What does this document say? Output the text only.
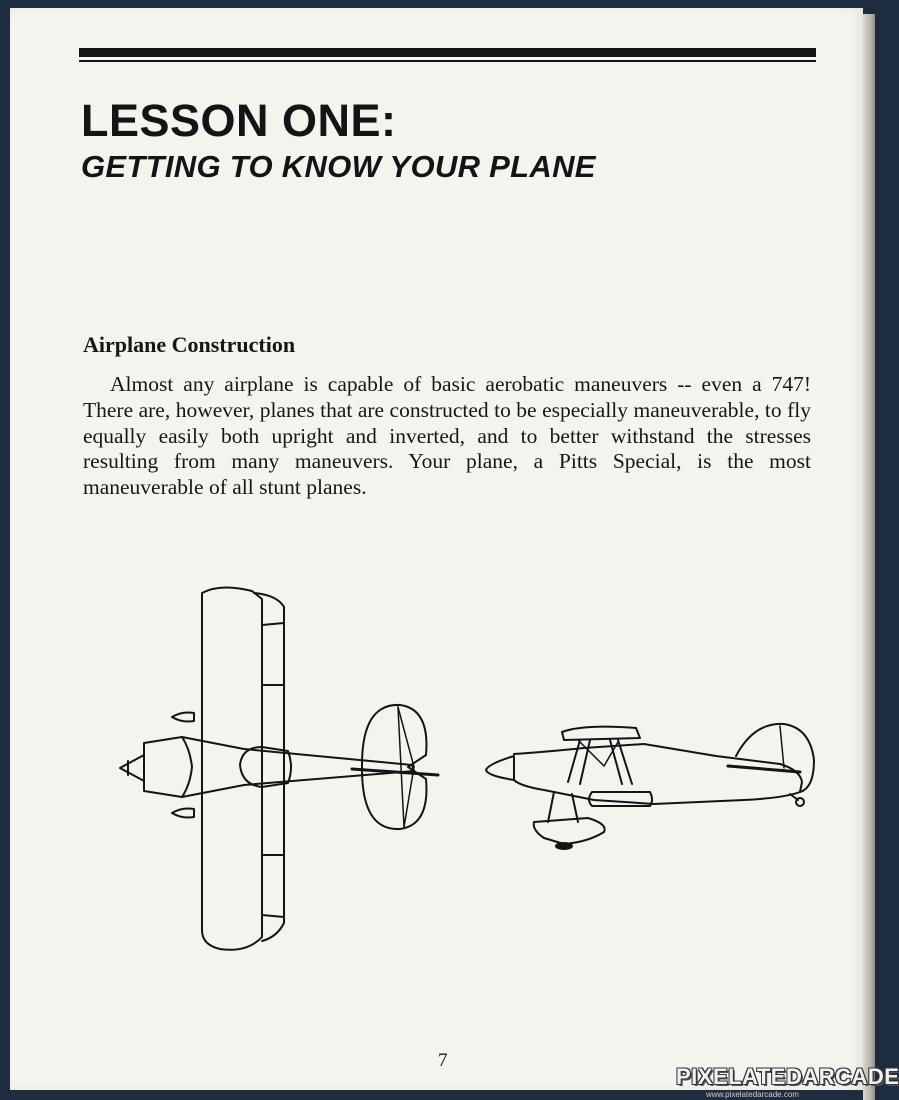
LESSON ONE:
GETTING TO KNOW YOUR PLANE
Airplane Construction

Almost any airplane is capable of basic aerobatic maneuvers -- even a 747! There are, however, planes that are constructed to be especially maneuverable, to fly equally easily both upright and inverted, and to better withstand the stresses resulting from many maneuvers. Your plane, a Pitts Special, is the most maneuverable of all stunt planes.

7
PIXELATEDARCADE
www.pixelatedarcade.com
